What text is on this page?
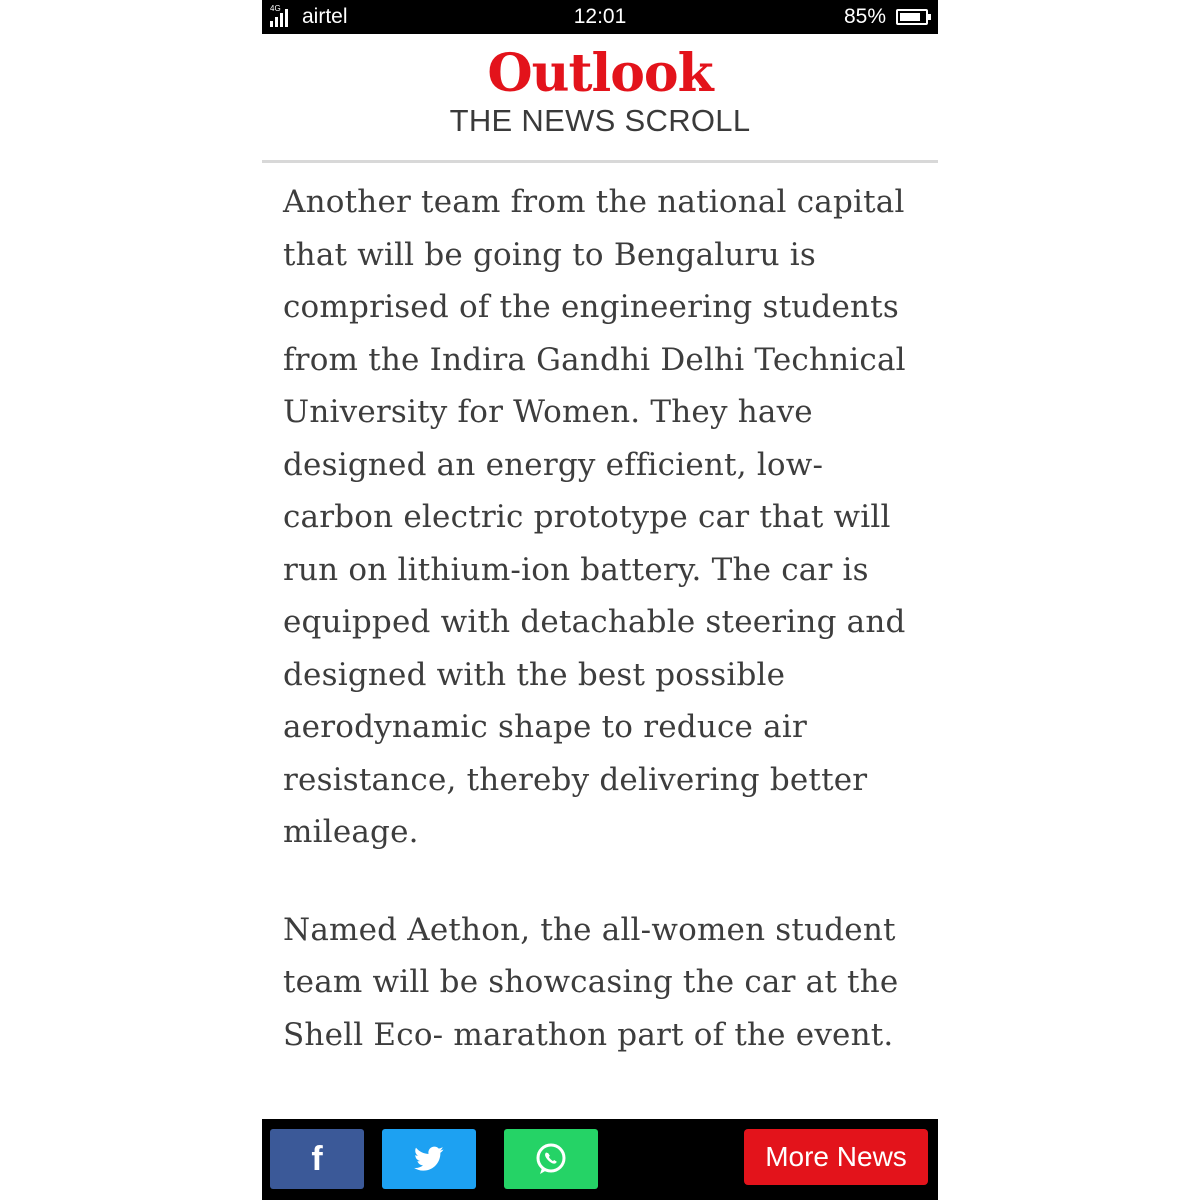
4G airtel	12:01	85%
Outlook
THE NEWS SCROLL

Another team from the national capital that will be going to Bengaluru is comprised of the engineering students from the Indira Gandhi Delhi Technical University for Women. They have designed an energy efficient, low-carbon electric prototype car that will run on lithium-ion battery. The car is equipped with detachable steering and designed with the best possible aerodynamic shape to reduce air resistance, thereby delivering better mileage.

Named Aethon, the all-women student team will be showcasing the car at the Shell Eco- marathon part of the event.

f	More News
